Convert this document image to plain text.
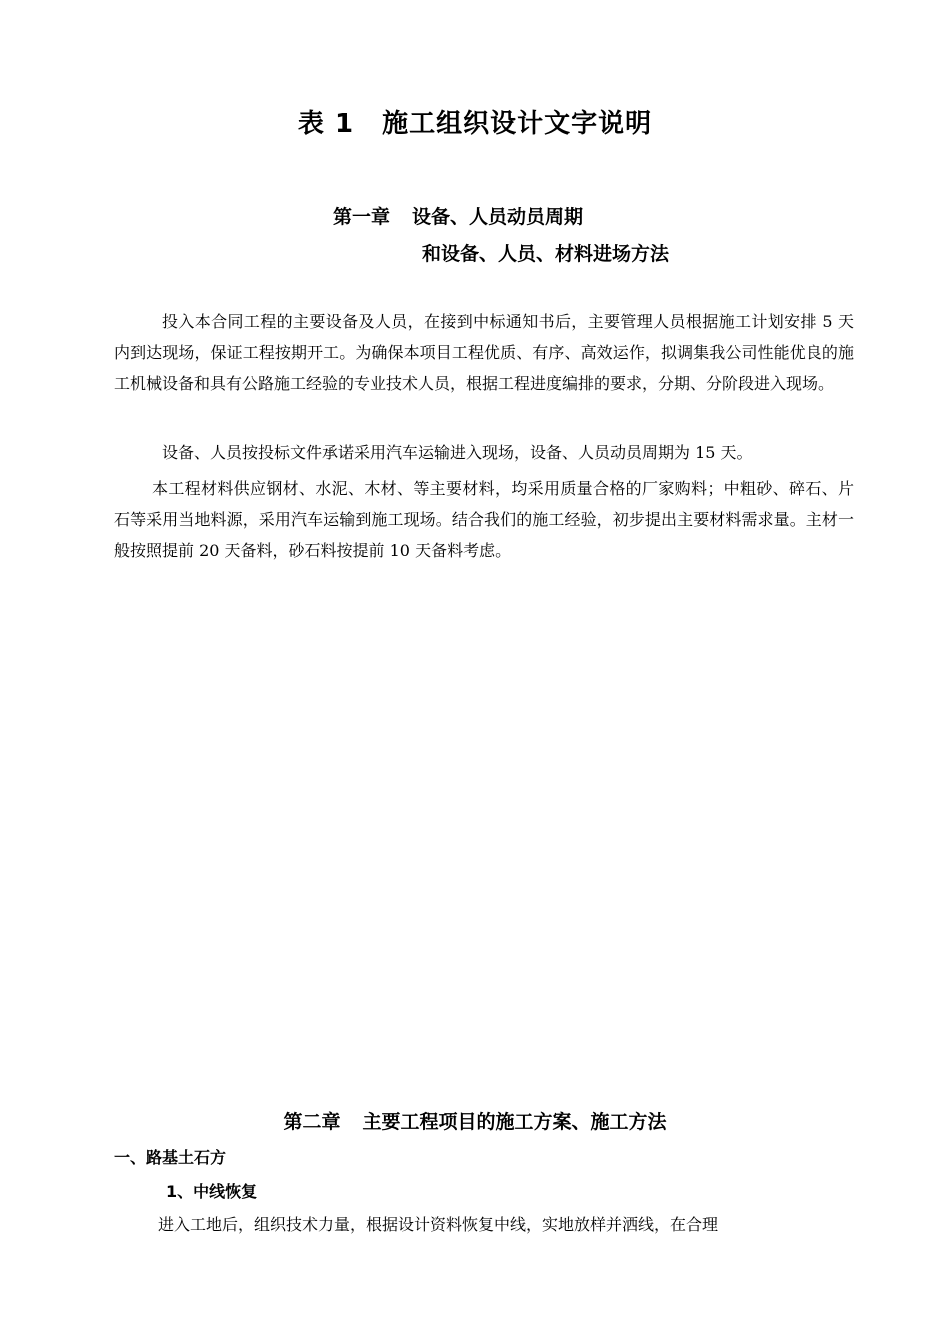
表 1 施工组织设计文字说明
第一章 设备、人员动员周期
和设备、人员、材料进场方法
投入本合同工程的主要设备及人员，在接到中标通知书后，主要管理人员根据施工计划安排 5 天内到达现场，保证工程按期开工。为确保本项目工程优质、有序、高效运作，拟调集我公司性能优良的施工机械设备和具有公路施工经验的专业技术人员，根据工程进度编排的要求，分期、分阶段进入现场。
设备、人员按投标文件承诺采用汽车运输进入现场，设备、人员动员周期为 15 天。
本工程材料供应钢材、水泥、木材、等主要材料，均采用质量合格的厂家购料；中粗砂、碎石、片石等采用当地料源，采用汽车运输到施工现场。结合我们的施工经验，初步提出主要材料需求量。主材一般按照提前 20 天备料，砂石料按提前 10 天备料考虑。
第二章 主要工程项目的施工方案、施工方法
一、路基土石方
1、中线恢复
进入工地后，组织技术力量，根据设计资料恢复中线，实地放样并洒线，在合理
